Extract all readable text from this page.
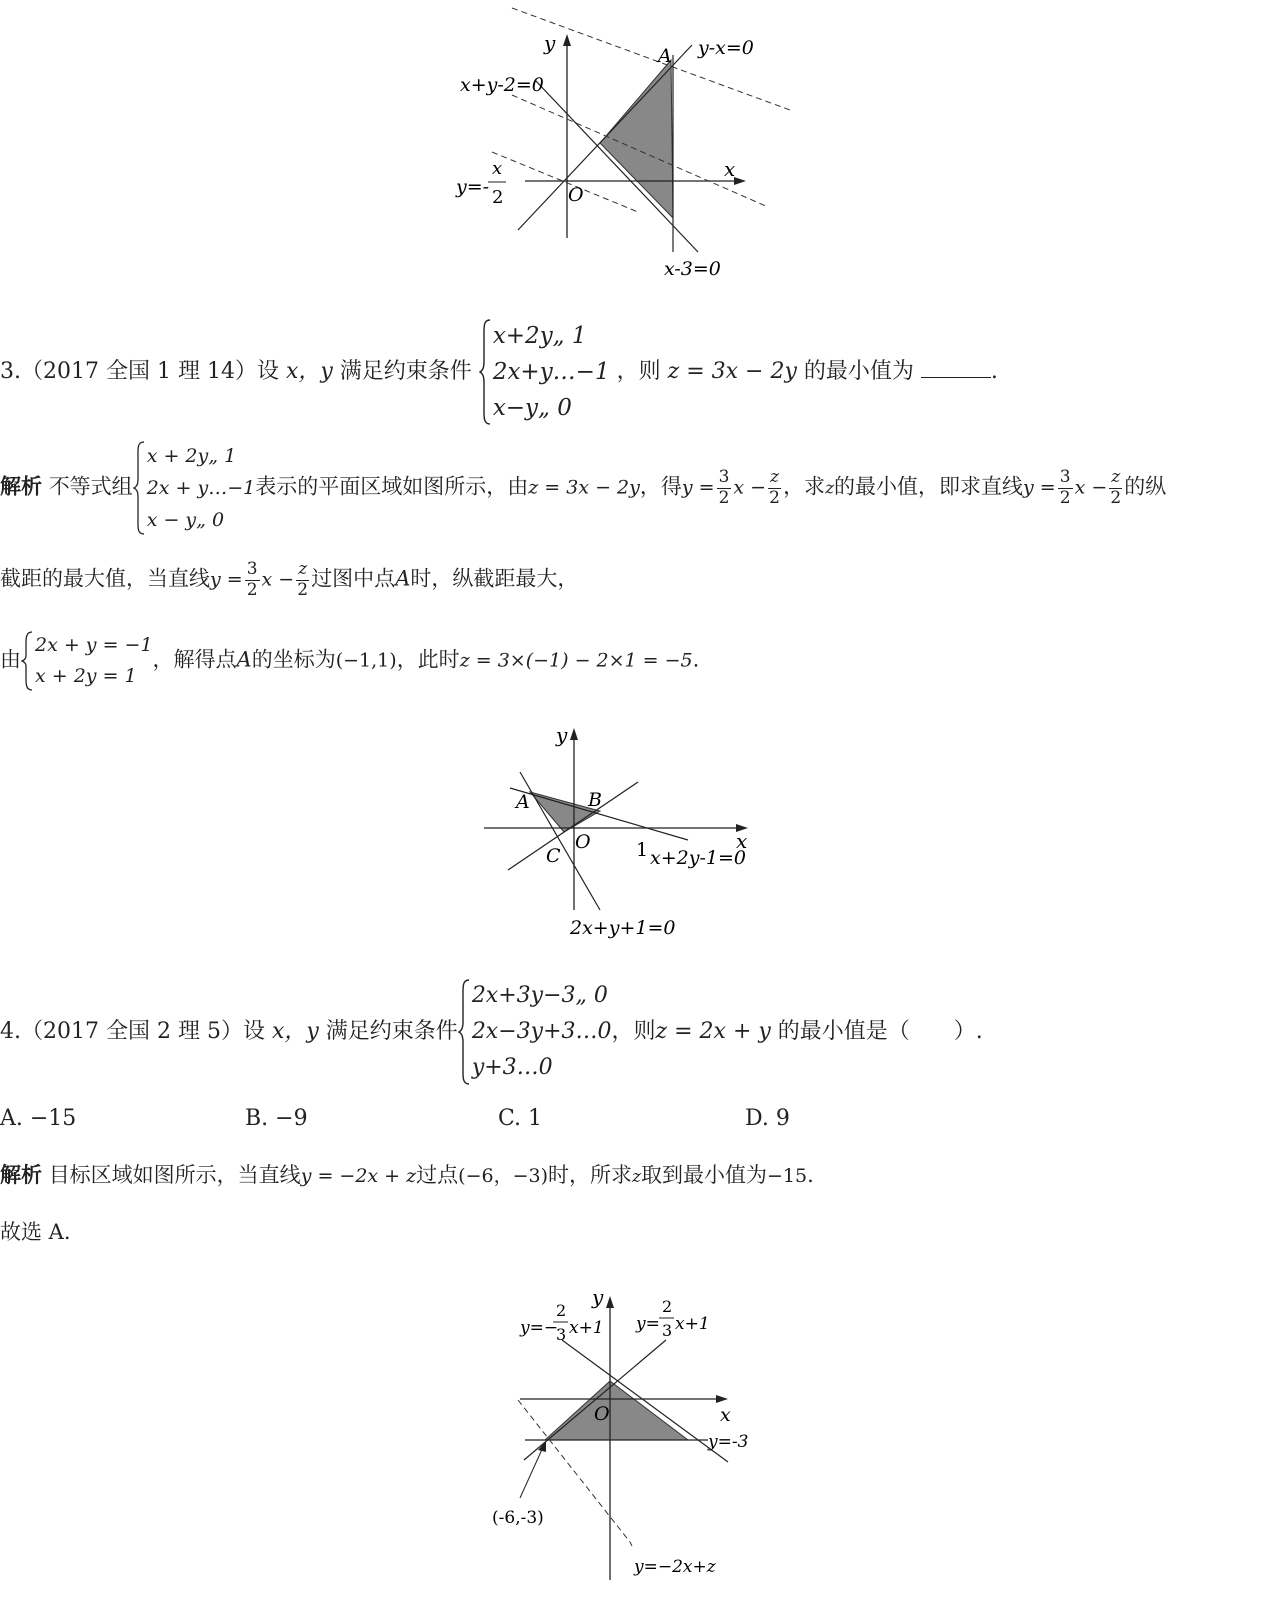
y
x
O
A y-x=0
x+y-2=0
y=-
x
2
x-3=0
3.（2017 全国 1 理 14）设 x，y 满足约束条件
x+2y„ 1
2x+y…−1
x−y„ 0
，则 z = 3x − 2y 的最小值为	.
解析 不等式组
x + 2y„ 1
2x + y…−1
x − y„ 0
表示的平面区域如图所示，由z = 3x − 2y，得$y = \frac{3}{2}$ $x - \frac{z}{2}$ ，求z的最小值，即求直线$y = \frac{3}{2}$ $x - \frac{z}{2}$ 的纵
截距的最大值，当直线$y = \frac{3}{2}$ $x - \frac{z}{2}$ 过图中点A时，纵截距最大，
由
2x + y = −1
x + 2y = 1
，解得点A的坐标为(−1,1)，此时z = 3×(−1) − 2×1 = −5.
y
x
O
A	B
C	1 x+2y-1=0
2x+y+1=0
4.（2017 全国 2 理 5）设 x，y 满足约束条件
2x+3y−3„ 0
2x−3y+3…0
y+3…0
，则z = 2x + y 的最小值是（　　）.
A. −15	B. −9	C. 1	D. 9
解析 目标区域如图所示，当直线y = −2x + z过点(−6，−3)时，所求z取到最小值为−15.
故选 A.
y
x
O
y=−
2
3 x+1 y=
2
3 x+1
y=-3
(-6,-3)
y=−2x+z
